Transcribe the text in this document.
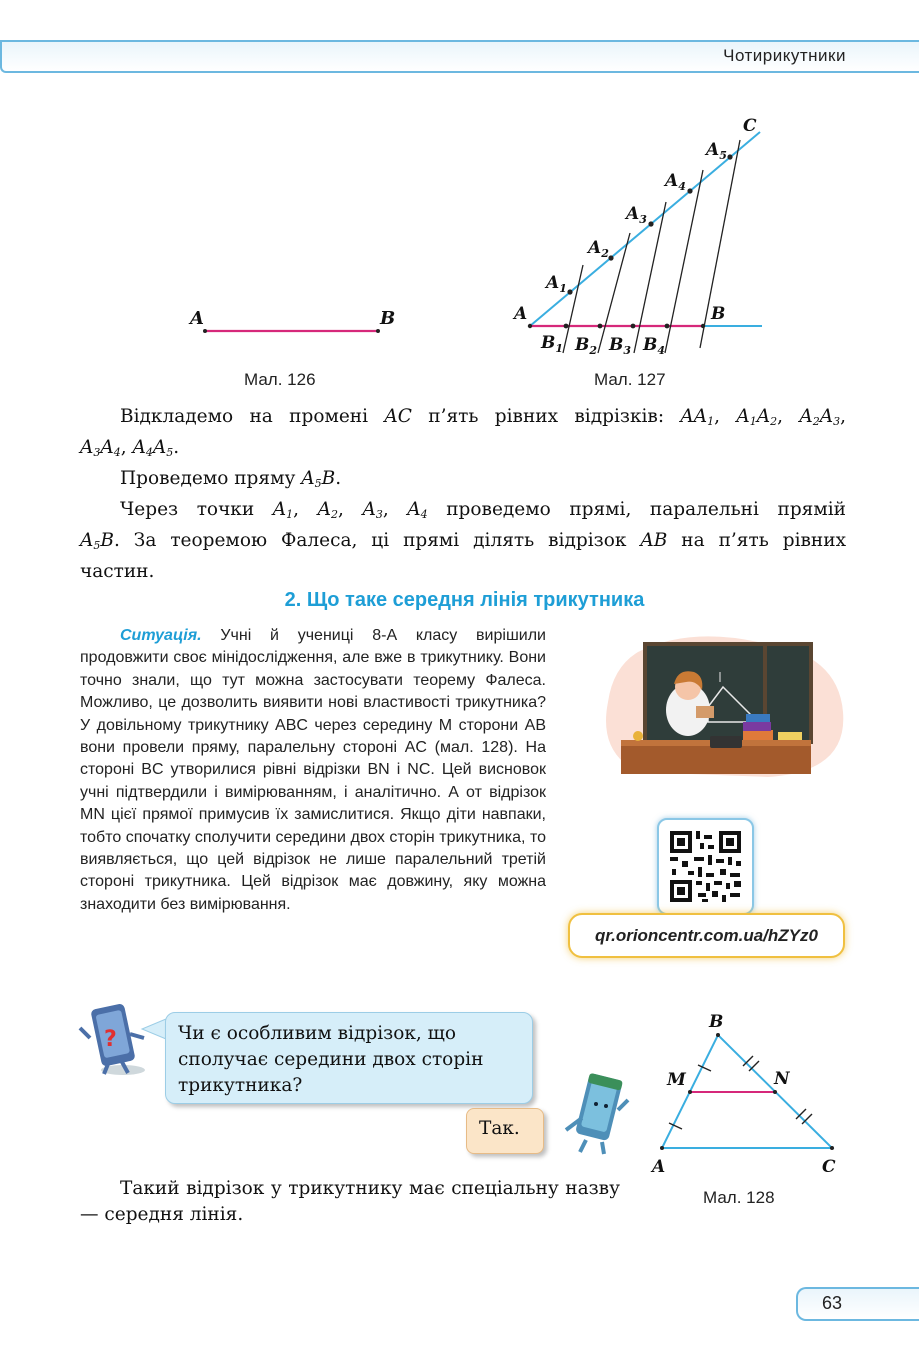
Чотирикутники
A	B
Мал. 126
A	B
C
$A_1$
$A_2$
$A_3$
$A_4$
$A_5$
$B_1$ $B_2$ $B_3$ $B_4$
Мал. 127
Відкладемо на промені AC п’ять рівних відрізків: $AA_1$, $A_1A_2$, $A_2A_3$,
$A_3A_4$, $A_4A_5$.
Проведемо пряму $A_5B$.
Через точки $A_1$, $A_2$, $A_3$, $A_4$ проведемо прямі, паралельні прямій
$A_5B$. За теоремою Фалеса, ці прямі ділять відрізок AB на п’ять рівних
частин.
2. Що таке середня лінія трикутника
Ситуація. Учні й учениці 8-А класу вирішили продовжити своє мінідослідження, але вже в трикутнику. Вони точно знали, що тут можна застосувати теорему Фалеса. Можливо, це дозволить виявити нові властивості трикутника? У довільному трикутнику ABC через середину M сторони AB вони провели пряму, паралельну стороні AC (мал. 128). На стороні BC утворилися рівні відрізки BN і NC. Цей висновок учні підтвердили і вимірюванням, і аналітично. А от відрізок MN цієї прямої примусив їх замислитися. Якщо діти навпаки, тобто спочатку сполучити середини двох сторін трикутника, то виявляється, що цей відрізок не лише паралельний третій стороні трикутника. Цей відрізок має довжину, яку можна знаходити без вимірювання.
qr.orioncentr.com.ua/hZYz0
?	Чи є особливим відрізок, що сполучає середини двох сторін трикутника?
Так.
Такий відрізок у трикутнику має спеціальну назву — середня лінія.
A
B
C
M	N
Мал. 128
63
